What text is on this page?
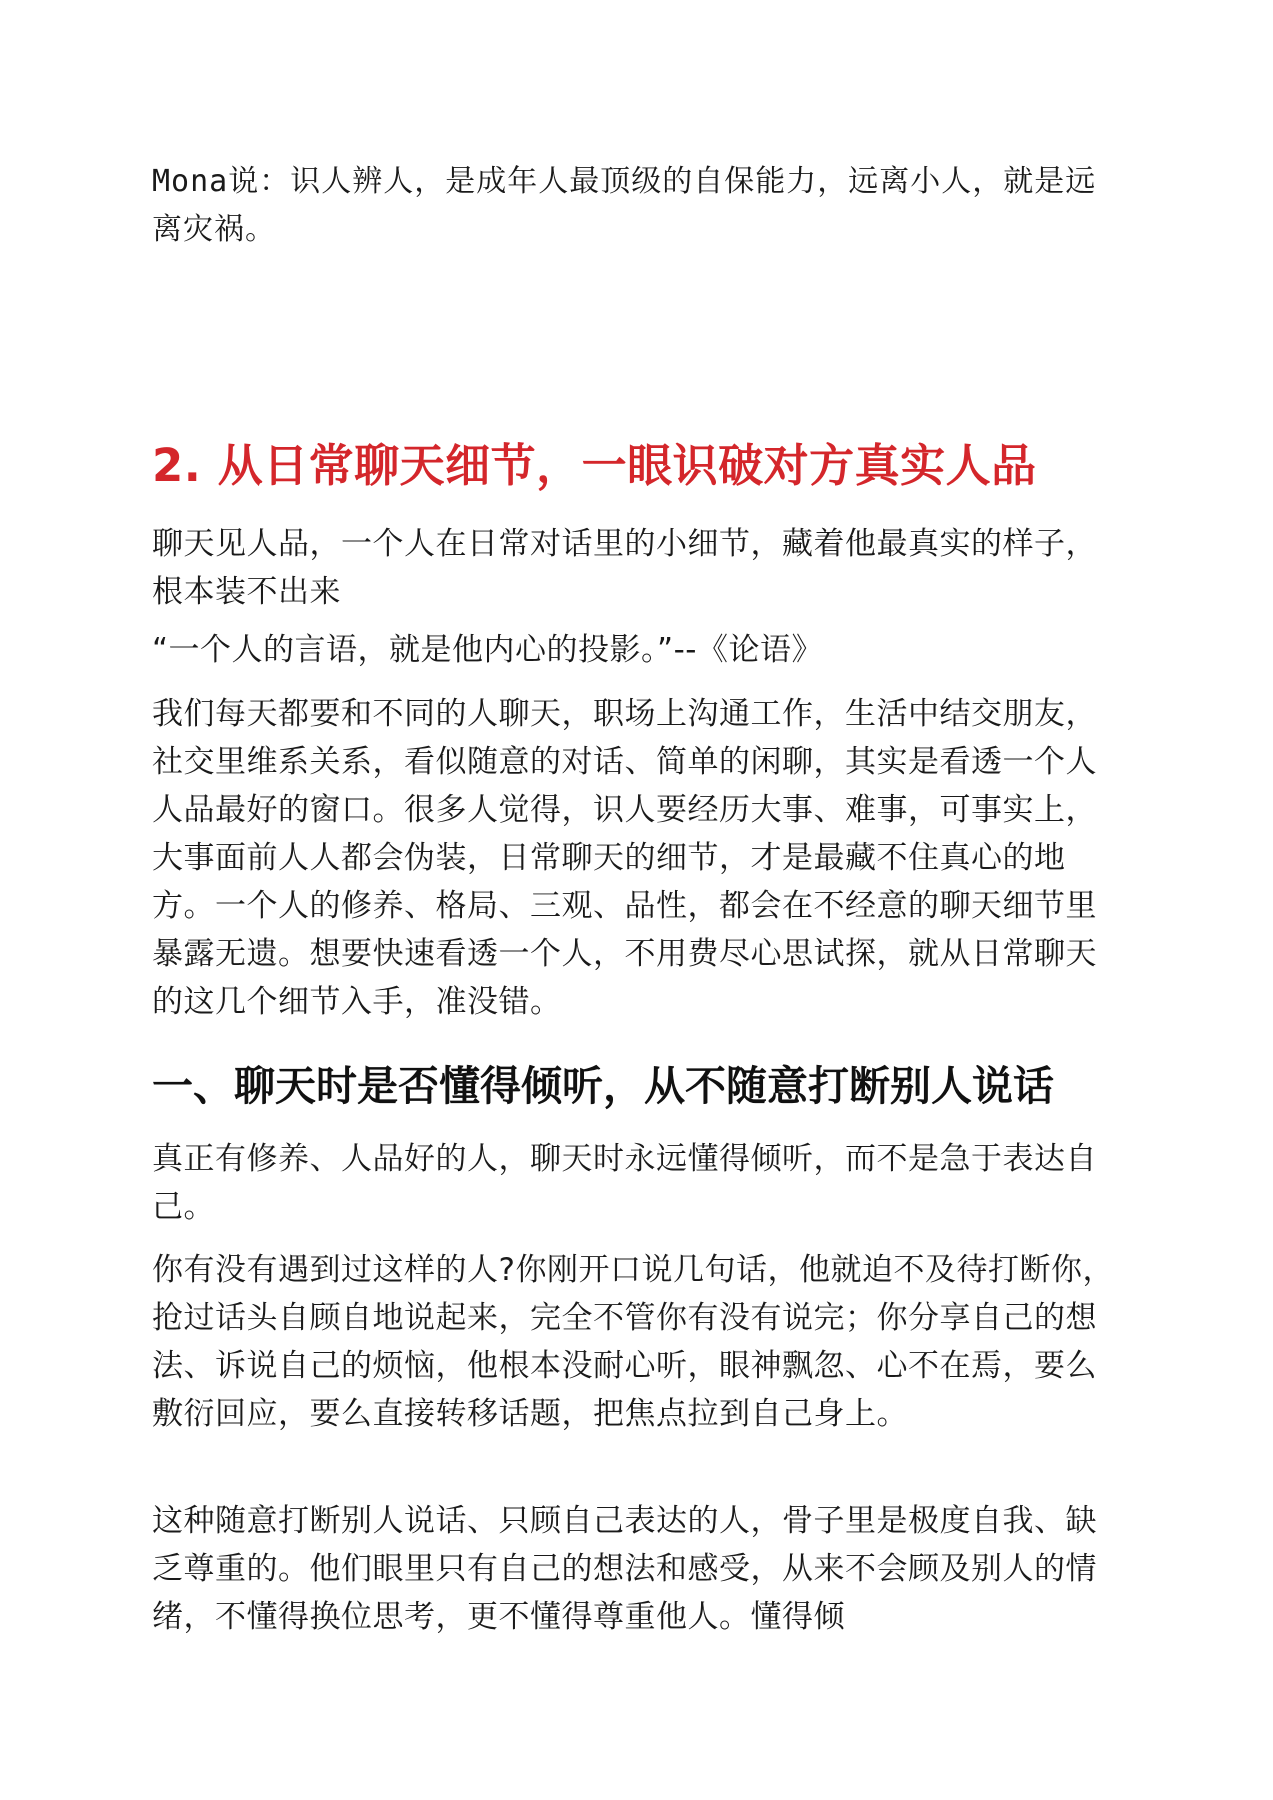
Mona说：识人辨人，是成年人最顶级的自保能力，远离小人，就是远离灾祸。

2. 从日常聊天细节，一眼识破对方真实人品

聊天见人品，一个人在日常对话里的小细节，藏着他最真实的样子，根本装不出来

“一个人的言语，就是他内心的投影。”--《论语》

我们每天都要和不同的人聊天，职场上沟通工作，生活中结交朋友，社交里维系关系，看似随意的对话、简单的闲聊，其实是看透一个人人品最好的窗口。很多人觉得，识人要经历大事、难事，可事实上，大事面前人人都会伪装，日常聊天的细节，才是最藏不住真心的地方。一个人的修养、格局、三观、品性，都会在不经意的聊天细节里暴露无遗。想要快速看透一个人，不用费尽心思试探，就从日常聊天的这几个细节入手，准没错。

一、聊天时是否懂得倾听，从不随意打断别人说话

真正有修养、人品好的人，聊天时永远懂得倾听，而不是急于表达自己。

你有没有遇到过这样的人?你刚开口说几句话，他就迫不及待打断你，抢过话头自顾自地说起来，完全不管你有没有说完；你分享自己的想法、诉说自己的烦恼，他根本没耐心听，眼神飘忽、心不在焉，要么敷衍回应，要么直接转移话题，把焦点拉到自己身上。

这种随意打断别人说话、只顾自己表达的人，骨子里是极度自我、缺乏尊重的。他们眼里只有自己的想法和感受，从来不会顾及别人的情绪，不懂得换位思考，更不懂得尊重他人。懂得倾
